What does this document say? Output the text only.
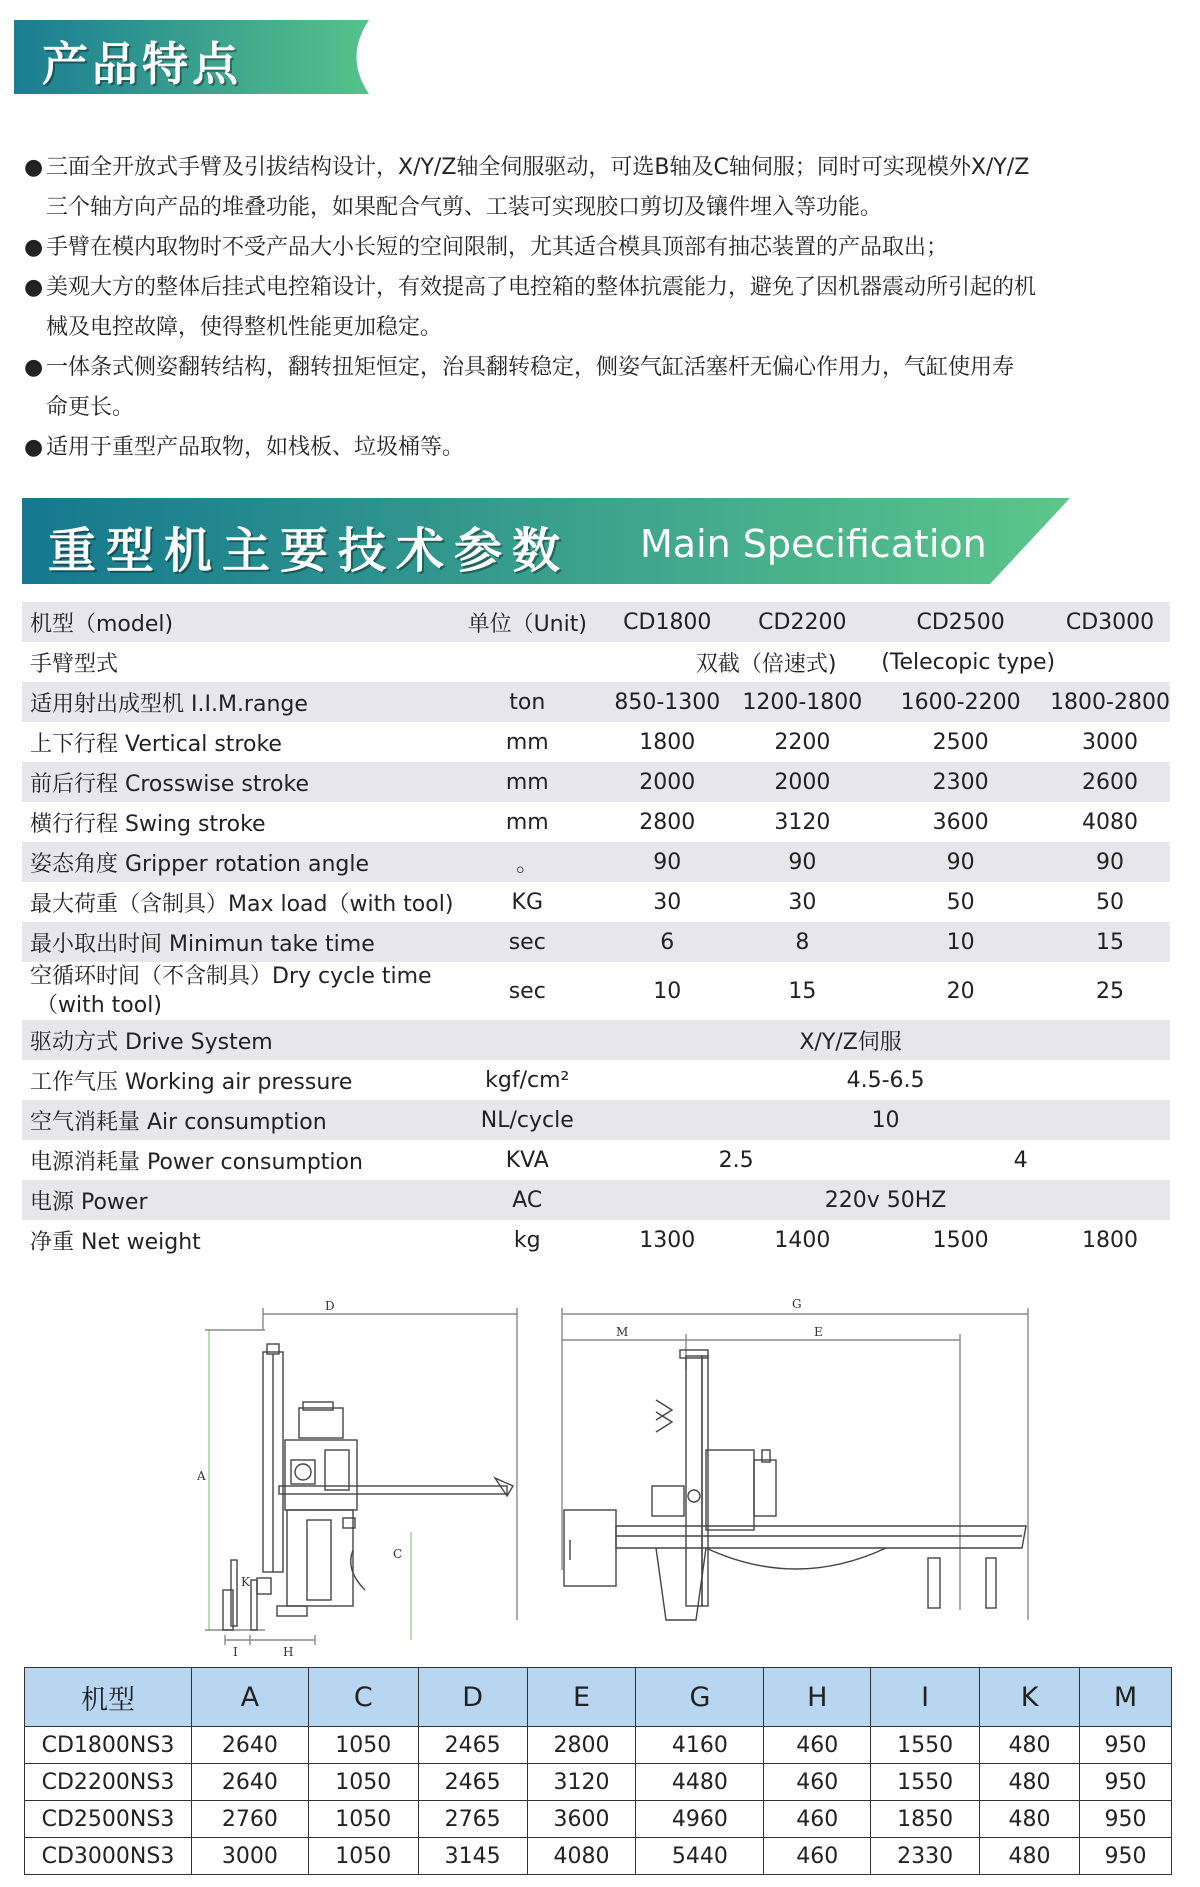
产品特点
● 三面全开放式手臂及引拔结构设计，X/Y/Z轴全伺服驱动，可选B轴及C轴伺服；同时可实现模外X/Y/Z
三个轴方向产品的堆叠功能，如果配合气剪、工装可实现胶口剪切及镶件埋入等功能。
● 手臂在模内取物时不受产品大小长短的空间限制，尤其适合模具顶部有抽芯装置的产品取出；
● 美观大方的整体后挂式电控箱设计，有效提高了电控箱的整体抗震能力，避免了因机器震动所引起的机
械及电控故障，使得整机性能更加稳定。
● 一体条式侧姿翻转结构，翻转扭矩恒定，治具翻转稳定，侧姿气缸活塞杆无偏心作用力，气缸使用寿
命更长。
● 适用于重型产品取物，如栈板、垃圾桶等。
重型机主要技术参数 Main Specification
机型（model)	单位（Unit)	CD1800	CD2200	CD2500	CD3000
手臂型式		双截（倍速式)		(Telecopic type)	
适用射出成型机 I.I.M.range	ton	850-1300	1200-1800	1600-2200	1800-2800
上下行程 Vertical stroke	mm	1800	2200	2500	3000
前后行程 Crosswise stroke	mm	2000	2000	2300	2600
横行行程 Swing stroke	mm	2800	3120	3600	4080
姿态角度 Gripper rotation angle	。	90	90	90	90
最大荷重（含制具）Max load（with tool)	KG	30	30	50	50
最小取出时间 Minimun take time	sec	6	8	10	15
空循环时间（不含制具）Dry cycle time
（with tool)	sec	10	15	20	25
驱动方式 Drive System		X/Y/Z伺服			
工作气压 Working air pressure	kgf/cm²	4.5-6.5			
空气消耗量 Air consumption	NL/cycle	10			
电源消耗量 Power consumption	KVA	2.5		4	
电源 Power	AC	220v 50HZ			
净重 Net weight	kg	1300	1400	1500	1800
D
A
C
K
I	H
G
M	E
机型	A	C	D	E	G	H	I	K	M
CD1800NS3	2640	1050	2465	2800	4160	460	1550	480	950
CD2200NS3	2640	1050	2465	3120	4480	460	1550	480	950
CD2500NS3	2760	1050	2765	3600	4960	460	1850	480	950
CD3000NS3	3000	1050	3145	4080	5440	460	2330	480	950
